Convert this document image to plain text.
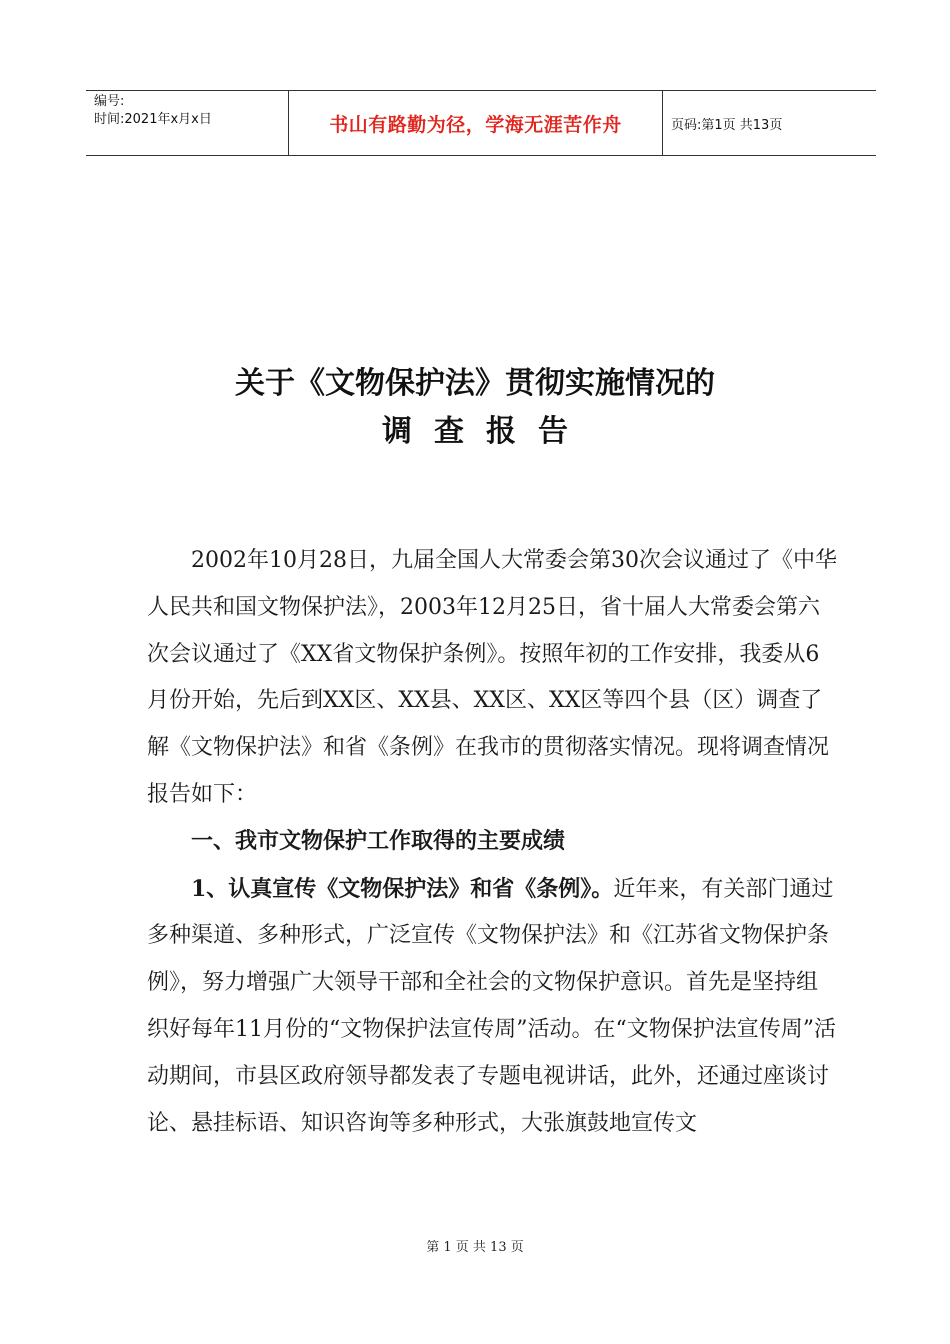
编号:
时间:2021年x月x日	书山有路勤为径，学海无涯苦作舟	页码:第1页 共13页
关于《文物保护法》贯彻实施情况的
调查报告

2002年10月28日，九届全国人大常委会第30次会议通过了《中华人民共和国文物保护法》，2003年12月25日，省十届人大常委会第六次会议通过了《XX省文物保护条例》。按照年初的工作安排，我委从6月份开始，先后到XX区、XX县、XX区、XX区等四个县（区）调查了解《文物保护法》和省《条例》在我市的贯彻落实情况。现将调查情况报告如下：

一、我市文物保护工作取得的主要成绩

1、认真宣传《文物保护法》和省《条例》。近年来，有关部门通过多种渠道、多种形式，广泛宣传《文物保护法》和《江苏省文物保护条例》，努力增强广大领导干部和全社会的文物保护意识。首先是坚持组织好每年11月份的“文物保护法宣传周”活动。在“文物保护法宣传周”活动期间，市县区政府领导都发表了专题电视讲话，此外，还通过座谈讨论、悬挂标语、知识咨询等多种形式，大张旗鼓地宣传文

第 1 页 共 13 页
